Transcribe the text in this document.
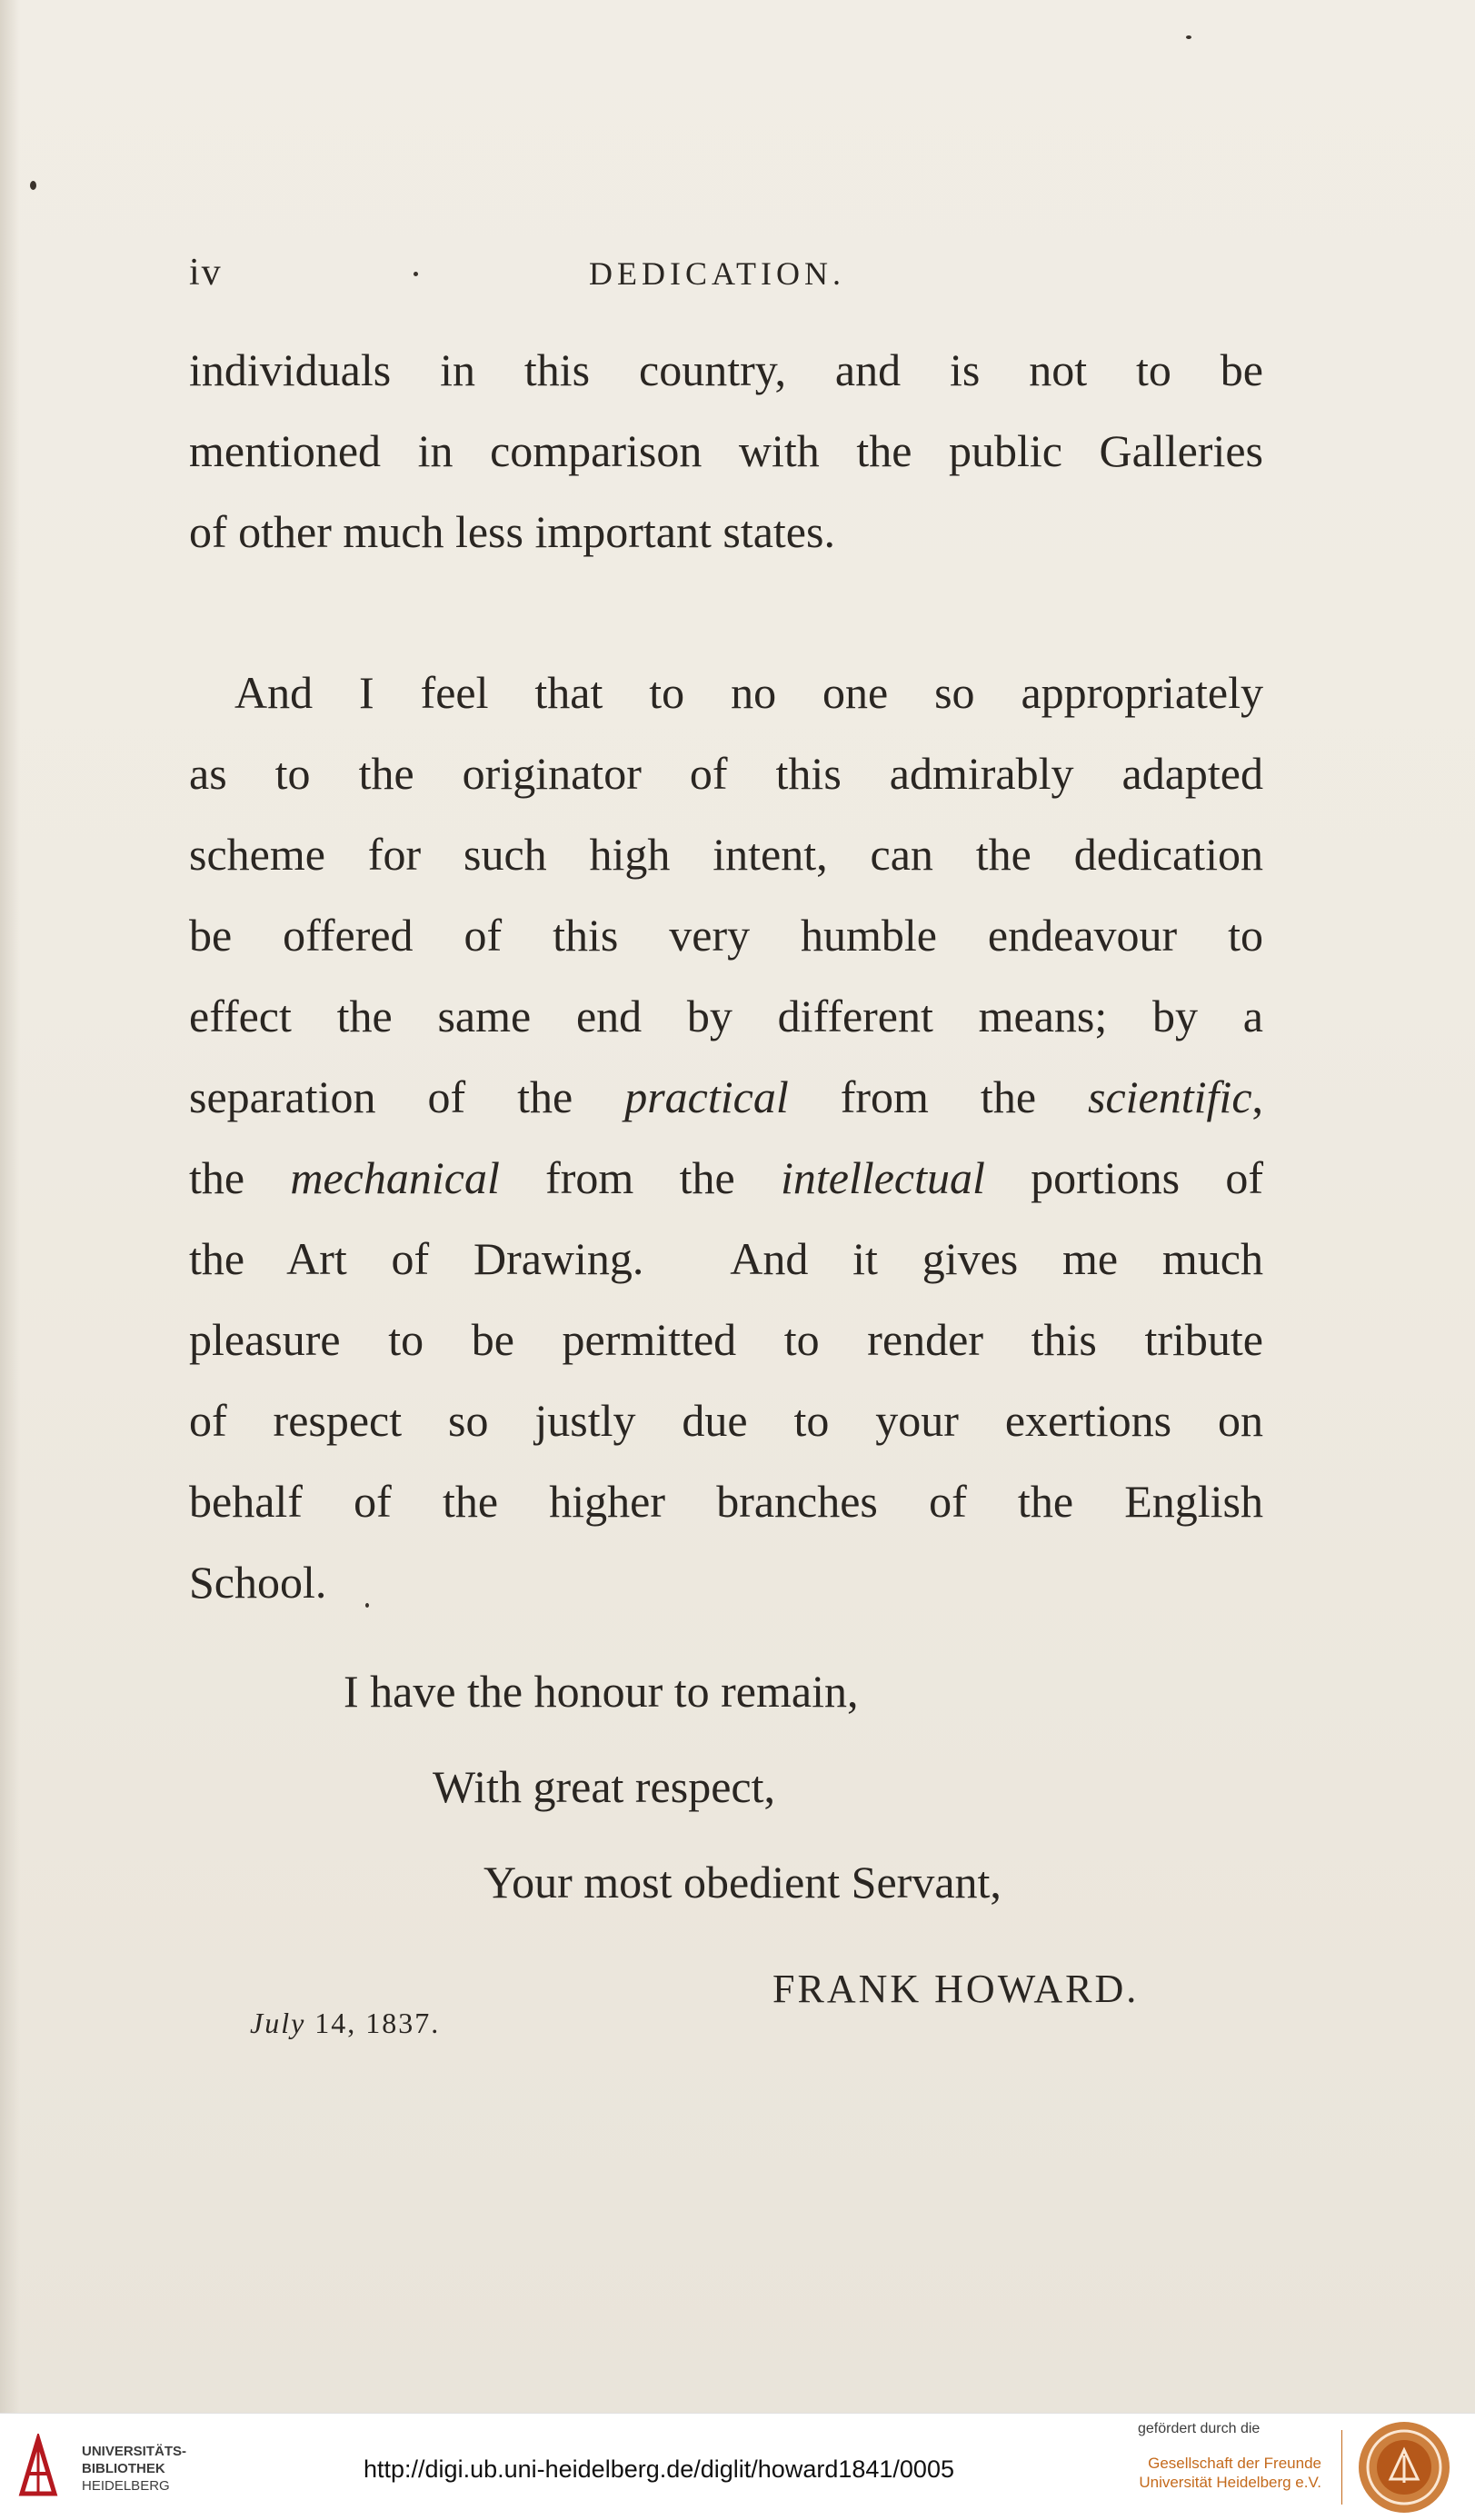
iv	DEDICATION.
individuals in this country, and is not to be
mentioned in comparison with the public Galleries
of other much less important states.
And I feel that to no one so appropriately
as to the originator of this admirably adapted
scheme for such high intent, can the dedication
be offered of this very humble endeavour to
effect the same end by different means; by a
separation of the practical from the scientific,
the mechanical from the intellectual portions of
the Art of Drawing.  And it gives me much
pleasure to be permitted to render this tribute
of respect so justly due to your exertions on
behalf of the higher branches of the English
School.
I have the honour to remain,
With great respect,
Your most obedient Servant,
FRANK HOWARD.
July 14, 1837.
UNIVERSITÄTS-
BIBLIOTHEK
HEIDELBERG
http://digi.ub.uni-heidelberg.de/diglit/howard1841/0005
gefördert durch die
Gesellschaft der Freunde
Universität Heidelberg e.V.
